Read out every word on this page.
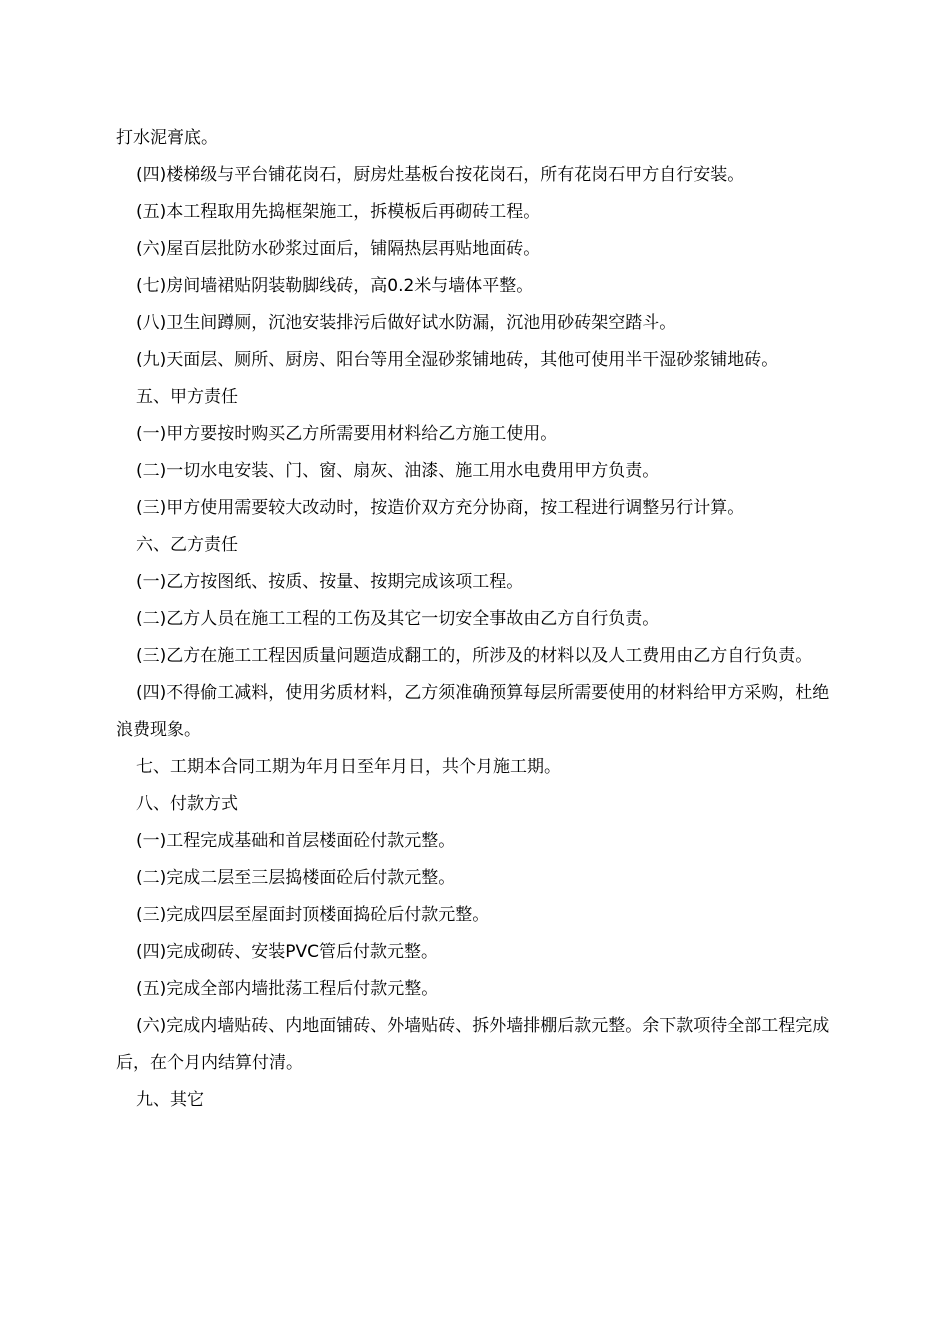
打水泥膏底。

(四)楼梯级与平台铺花岗石，厨房灶基板台按花岗石，所有花岗石甲方自行安装。

(五)本工程取用先捣框架施工，拆模板后再砌砖工程。

(六)屋百层批防水砂浆过面后，铺隔热层再贴地面砖。

(七)房间墙裙贴阴装勒脚线砖，高0.2米与墙体平整。

(八)卫生间蹲厕，沉池安装排污后做好试水防漏，沉池用砂砖架空踏斗。

(九)天面层、厕所、厨房、阳台等用全湿砂浆铺地砖，其他可使用半干湿砂浆铺地砖。

五、甲方责任

(一)甲方要按时购买乙方所需要用材料给乙方施工使用。

(二)一切水电安装、门、窗、扇灰、油漆、施工用水电费用甲方负责。

(三)甲方使用需要较大改动时，按造价双方充分协商，按工程进行调整另行计算。

六、乙方责任

(一)乙方按图纸、按质、按量、按期完成该项工程。

(二)乙方人员在施工工程的工伤及其它一切安全事故由乙方自行负责。

(三)乙方在施工工程因质量问题造成翻工的，所涉及的材料以及人工费用由乙方自行负责。

(四)不得偷工减料，使用劣质材料，乙方须准确预算每层所需要使用的材料给甲方采购，杜绝浪费现象。

七、工期本合同工期为年月日至年月日，共个月施工期。

八、付款方式

(一)工程完成基础和首层楼面砼付款元整。

(二)完成二层至三层捣楼面砼后付款元整。

(三)完成四层至屋面封顶楼面捣砼后付款元整。

(四)完成砌砖、安装PVC管后付款元整。

(五)完成全部内墙批荡工程后付款元整。

(六)完成内墙贴砖、内地面铺砖、外墙贴砖、拆外墙排棚后款元整。余下款项待全部工程完成后，在个月内结算付清。

九、其它
